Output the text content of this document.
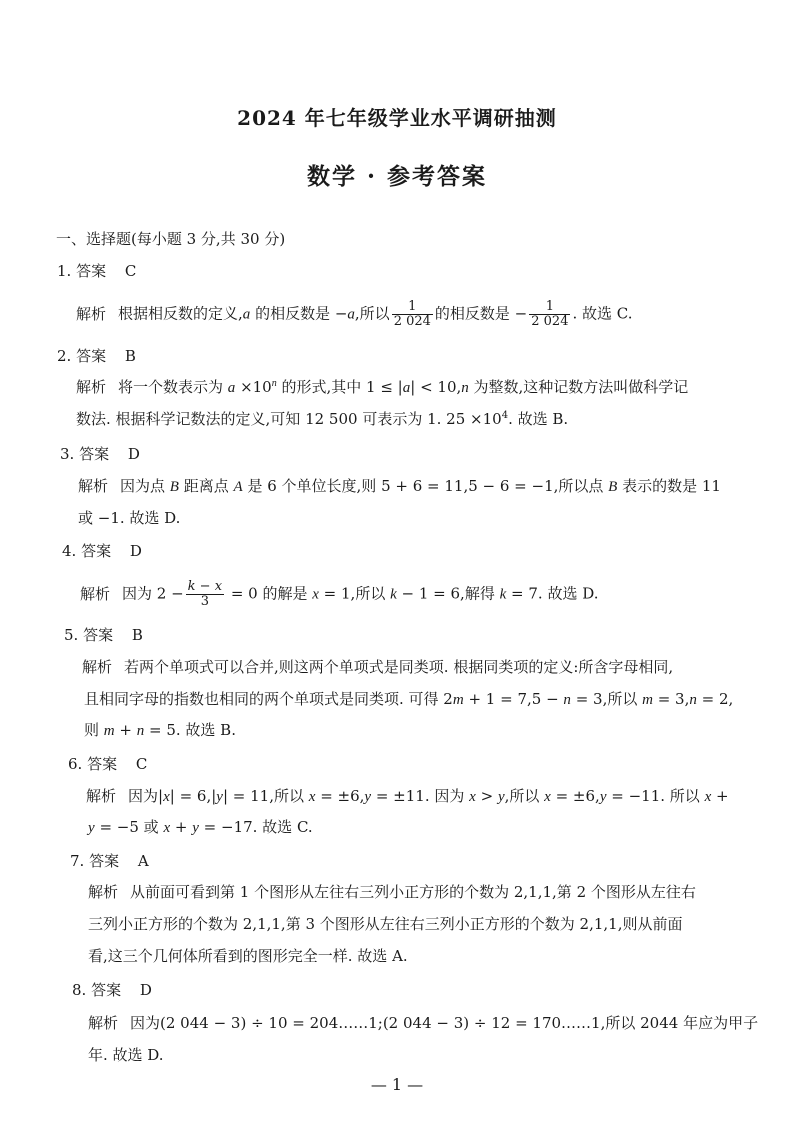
2024 年七年级学业水平调研抽测
数学 · 参考答案
一、选择题(每小题 3 分,共 30 分)
1. 答案 C
解析 根据相反数的定义,a 的相反数是 −a,所以 $\frac{1}{2 024}$ 的相反数是 − $\frac{1}{2 024}$ . 故选 C.
2. 答案 B
解析 将一个数表示为 $a \times 10^n$ 的形式,其中 1 ≤ |a| < 10,n 为整数,这种记数方法叫做科学记
数法. 根据科学记数法的定义,可知 12 500 可表示为 1. $25 \times 10^4$. 故选 B.
3. 答案 D
解析 因为点 B 距离点 A 是 6 个单位长度,则 5 + 6 = 11,5 − 6 = −1,所以点 B 表示的数是 11
或 −1. 故选 D.
4. 答案 D
解析 因为 $2 - \frac{k - x}{3} = 0$ 的解是 x = 1,所以 k − 1 = 6,解得 k = 7. 故选 D.
5. 答案 B
解析 若两个单项式可以合并,则这两个单项式是同类项. 根据同类项的定义:所含字母相同,
且相同字母的指数也相同的两个单项式是同类项. 可得 2m + 1 = 7,5 − n = 3,所以 m = 3,n = 2,
则 m + n = 5. 故选 B.
6. 答案 C
解析 因为|x| = 6,|y| = 11,所以 x = ±6,y = ±11. 因为 x > y,所以 x = ±6,y = −11. 所以 x +
y = −5 或 x + y = −17. 故选 C.
7. 答案 A
解析 从前面可看到第 1 个图形从左往右三列小正方形的个数为 2,1,1,第 2 个图形从左往右
三列小正方形的个数为 2,1,1,第 3 个图形从左往右三列小正方形的个数为 2,1,1,则从前面
看,这三个几何体所看到的图形完全一样. 故选 A.
8. 答案 D
解析 因为(2 044 − 3) ÷ 10 = 204……1;(2 044 − 3) ÷ 12 = 170……1,所以 2044 年应为甲子
年. 故选 D.
— 1 —
